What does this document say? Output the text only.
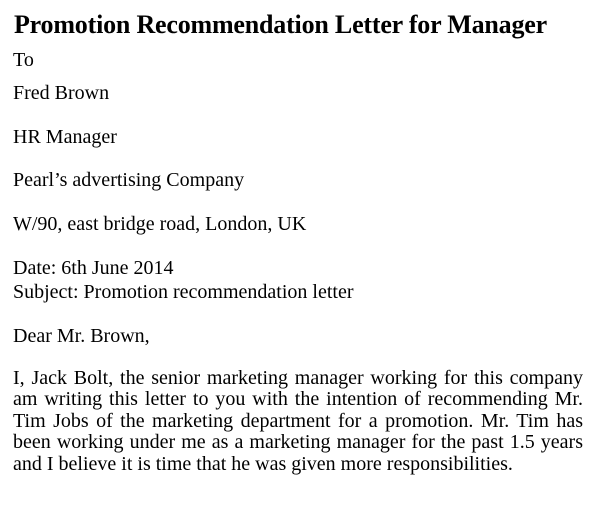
Promotion Recommendation Letter for Manager

To

Fred Brown

HR Manager

Pearl’s advertising Company

W/90, east bridge road, London, UK

Date: 6th June 2014

Subject: Promotion recommendation letter

Dear Mr. Brown,

I, Jack Bolt, the senior marketing manager working for this company am writing this letter to you with the intention of recommending Mr. Tim Jobs of the marketing department for a promotion. Mr. Tim has been working under me as a marketing manager for the past 1.5 years and I believe it is time that he was given more responsibilities.
